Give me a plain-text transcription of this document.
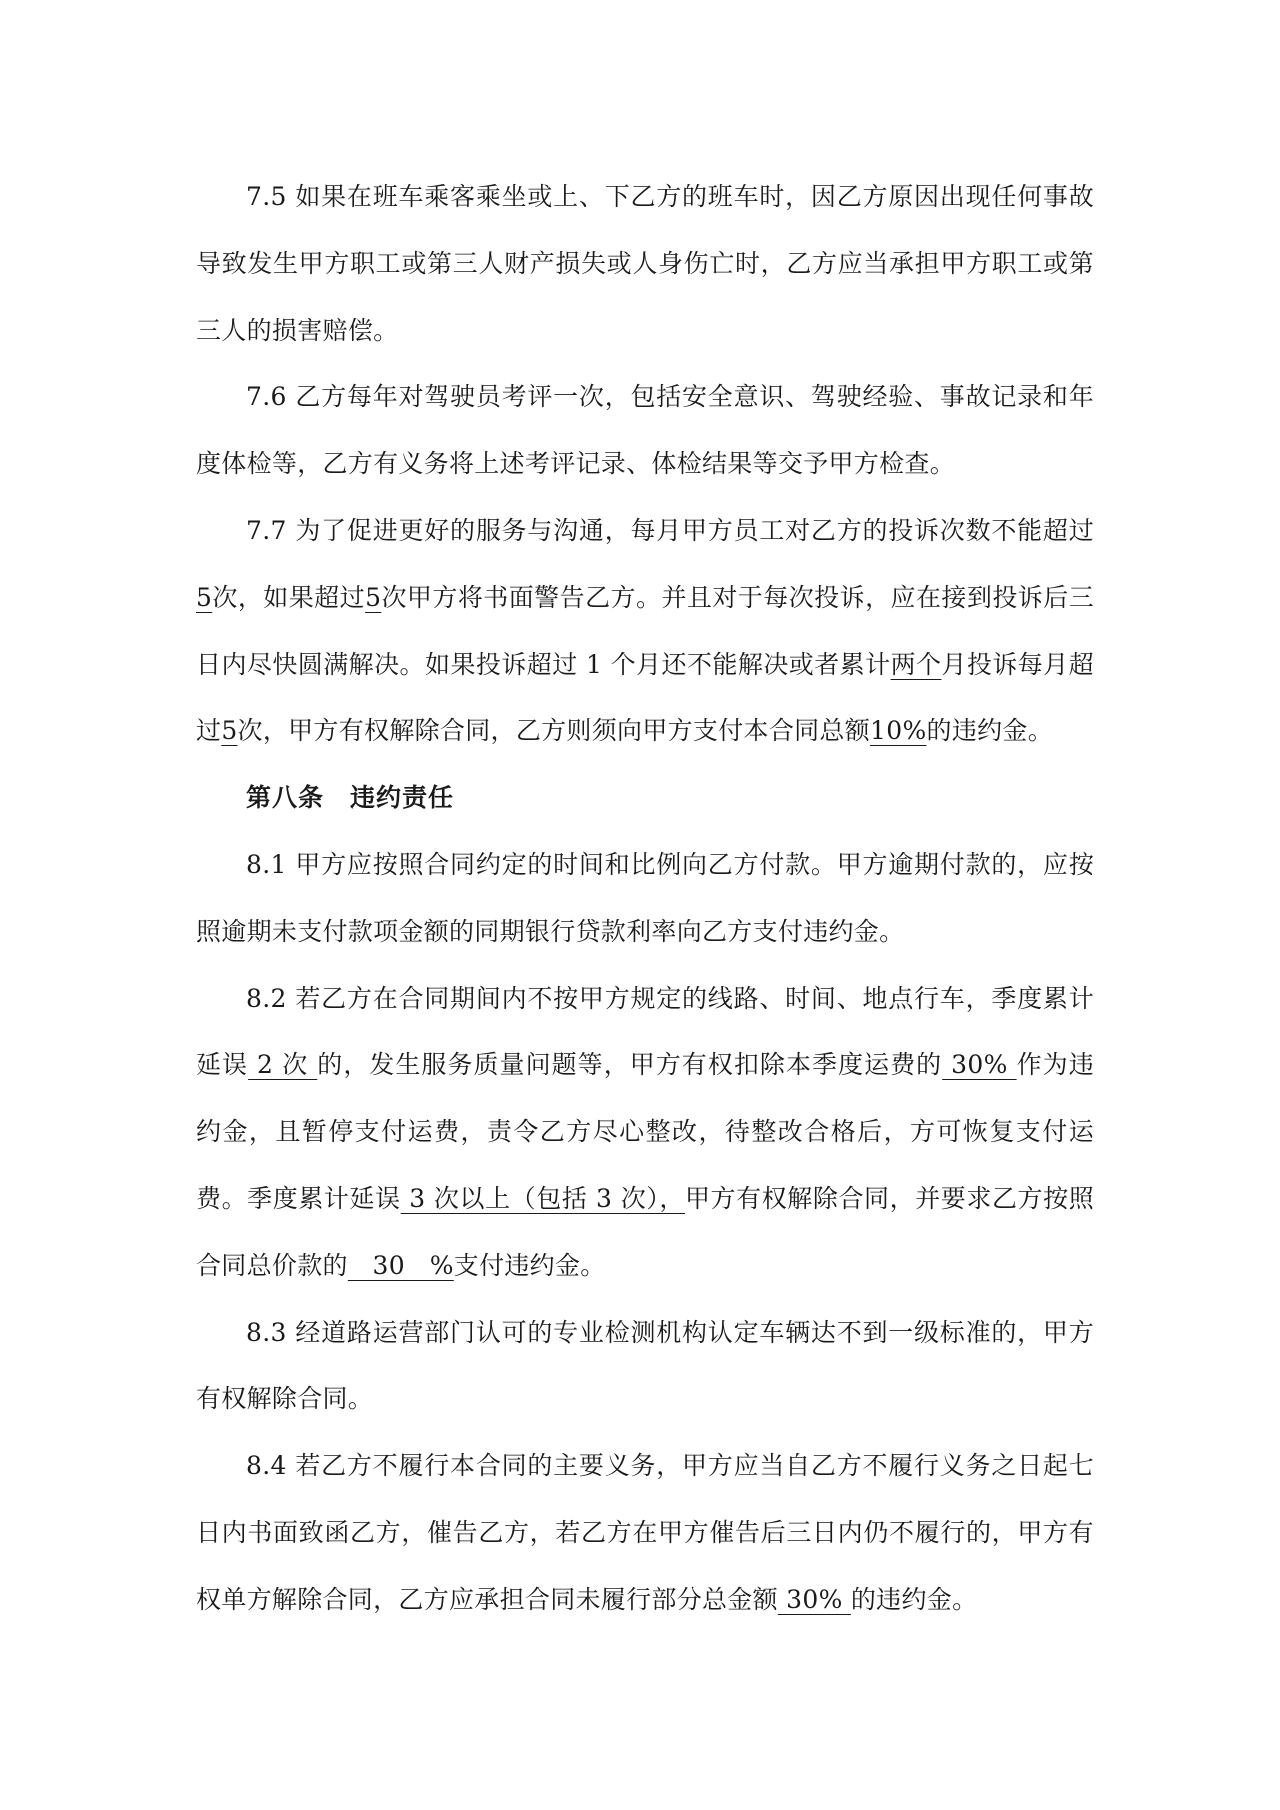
7.5 如果在班车乘客乘坐或上、下乙方的班车时，因乙方原因出现任何事故导致发生甲方职工或第三人财产损失或人身伤亡时，乙方应当承担甲方职工或第三人的损害赔偿。

7.6 乙方每年对驾驶员考评一次，包括安全意识、驾驶经验、事故记录和年度体检等，乙方有义务将上述考评记录、体检结果等交予甲方检查。

7.7 为了促进更好的服务与沟通，每月甲方员工对乙方的投诉次数不能超过5次，如果超过5次甲方将书面警告乙方。并且对于每次投诉，应在接到投诉后三日内尽快圆满解决。如果投诉超过 1 个月还不能解决或者累计两个月投诉每月超过5次，甲方有权解除合同，乙方则须向甲方支付本合同总额10%的违约金。

第八条　违约责任

8.1 甲方应按照合同约定的时间和比例向乙方付款。甲方逾期付款的，应按照逾期未支付款项金额的同期银行贷款利率向乙方支付违约金。

8.2 若乙方在合同期间内不按甲方规定的线路、时间、地点行车，季度累计延误 2 次 的，发生服务质量问题等，甲方有权扣除本季度运费的 30% 作为违约金，且暂停支付运费，责令乙方尽心整改，待整改合格后，方可恢复支付运费。季度累计延误 3 次以上（包括 3 次），甲方有权解除合同，并要求乙方按照合同总价款的   30   %支付违约金。

8.3 经道路运营部门认可的专业检测机构认定车辆达不到一级标准的，甲方有权解除合同。

8.4 若乙方不履行本合同的主要义务，甲方应当自乙方不履行义务之日起七日内书面致函乙方，催告乙方，若乙方在甲方催告后三日内仍不履行的，甲方有权单方解除合同，乙方应承担合同未履行部分总金额 30% 的违约金。
